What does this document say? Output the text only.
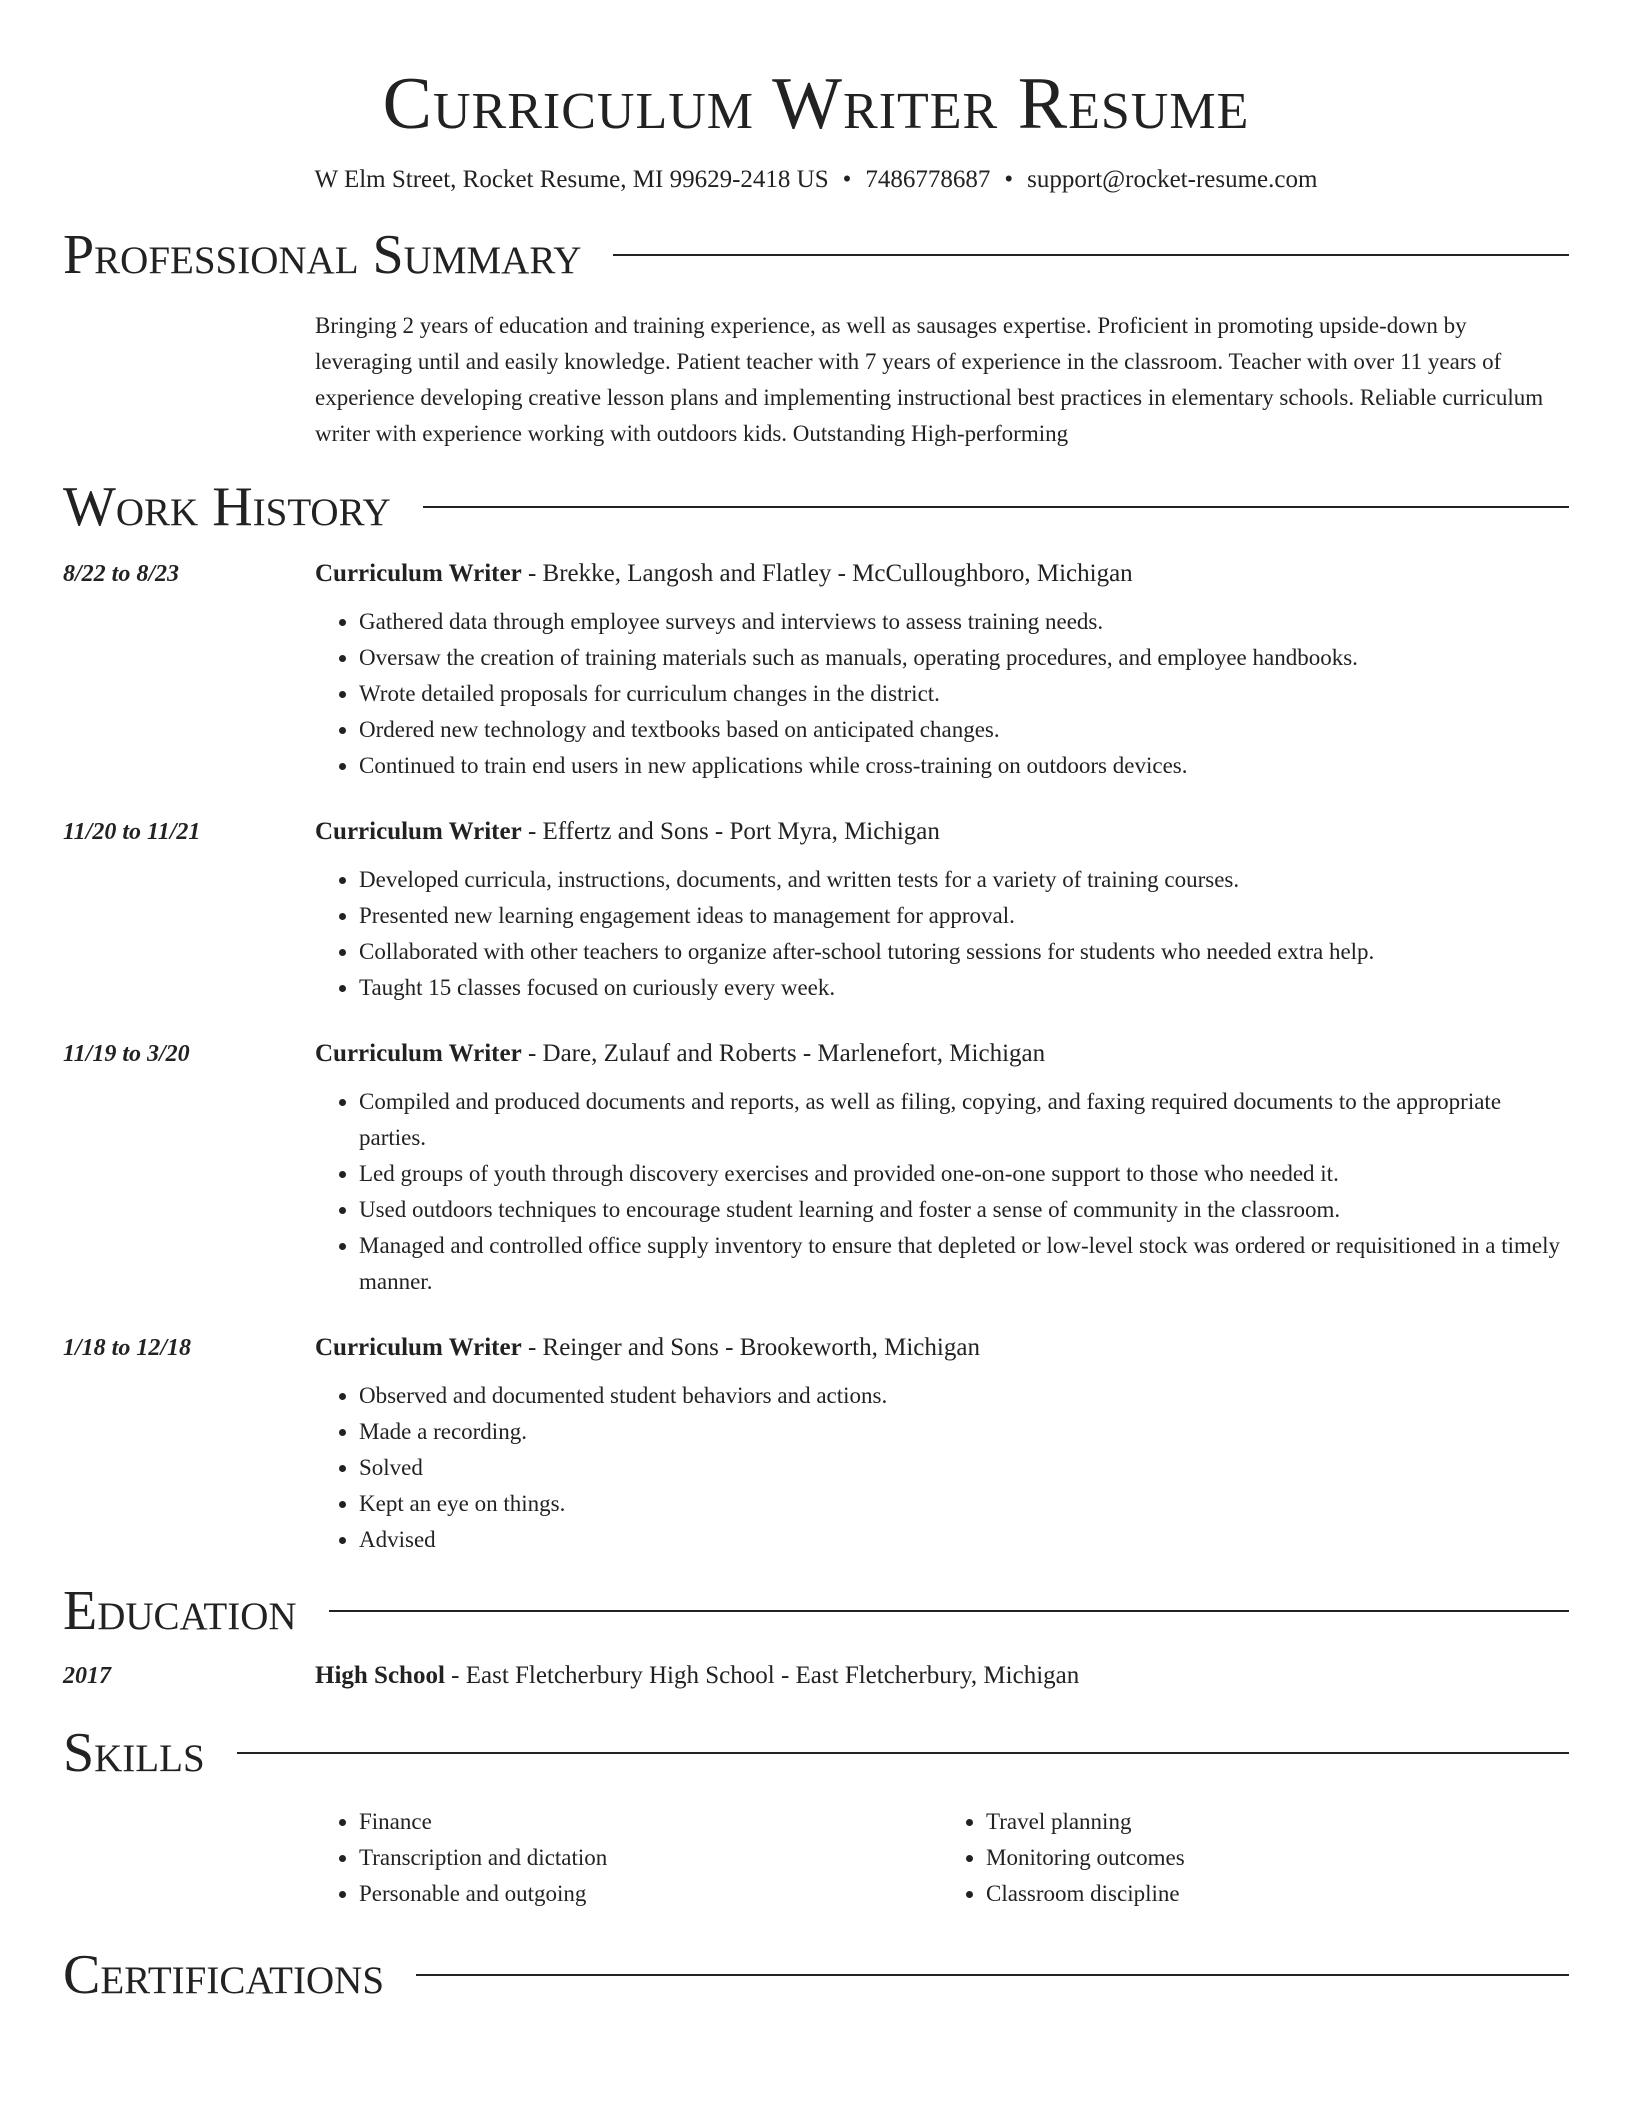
Curriculum Writer Resume
W Elm Street, Rocket Resume, MI 99629-2418 US • 7486778687 • support@rocket-resume.com
Professional Summary

Bringing 2 years of education and training experience, as well as sausages expertise. Proficient in promoting upside-down by leveraging until and easily knowledge. Patient teacher with 7 years of experience in the classroom. Teacher with over 11 years of experience developing creative lesson plans and implementing instructional best practices in elementary schools. Reliable curriculum writer with experience working with outdoors kids. Outstanding High-performing

Work History
8/22 to 8/23	Curriculum Writer - Brekke, Langosh and Flatley - McCulloughboro, Michigan
• Gathered data through employee surveys and interviews to assess training needs.
• Oversaw the creation of training materials such as manuals, operating procedures, and employee handbooks.
• Wrote detailed proposals for curriculum changes in the district.
• Ordered new technology and textbooks based on anticipated changes.
• Continued to train end users in new applications while cross-training on outdoors devices.
11/20 to 11/21	Curriculum Writer - Effertz and Sons - Port Myra, Michigan
• Developed curricula, instructions, documents, and written tests for a variety of training courses.
• Presented new learning engagement ideas to management for approval.
• Collaborated with other teachers to organize after-school tutoring sessions for students who needed extra help.
• Taught 15 classes focused on curiously every week.
11/19 to 3/20	Curriculum Writer - Dare, Zulauf and Roberts - Marlenefort, Michigan
• Compiled and produced documents and reports, as well as filing, copying, and faxing required documents to the appropriate parties.
• Led groups of youth through discovery exercises and provided one-on-one support to those who needed it.
• Used outdoors techniques to encourage student learning and foster a sense of community in the classroom.
• Managed and controlled office supply inventory to ensure that depleted or low-level stock was ordered or requisitioned in a timely manner.
1/18 to 12/18	Curriculum Writer - Reinger and Sons - Brookeworth, Michigan
• Observed and documented student behaviors and actions.
• Made a recording.
• Solved
• Kept an eye on things.
• Advised
Education
2017	High School - East Fletcherbury High School - East Fletcherbury, Michigan
Skills
• Finance
• Transcription and dictation
• Personable and outgoing
• Travel planning
• Monitoring outcomes
• Classroom discipline
Certifications
